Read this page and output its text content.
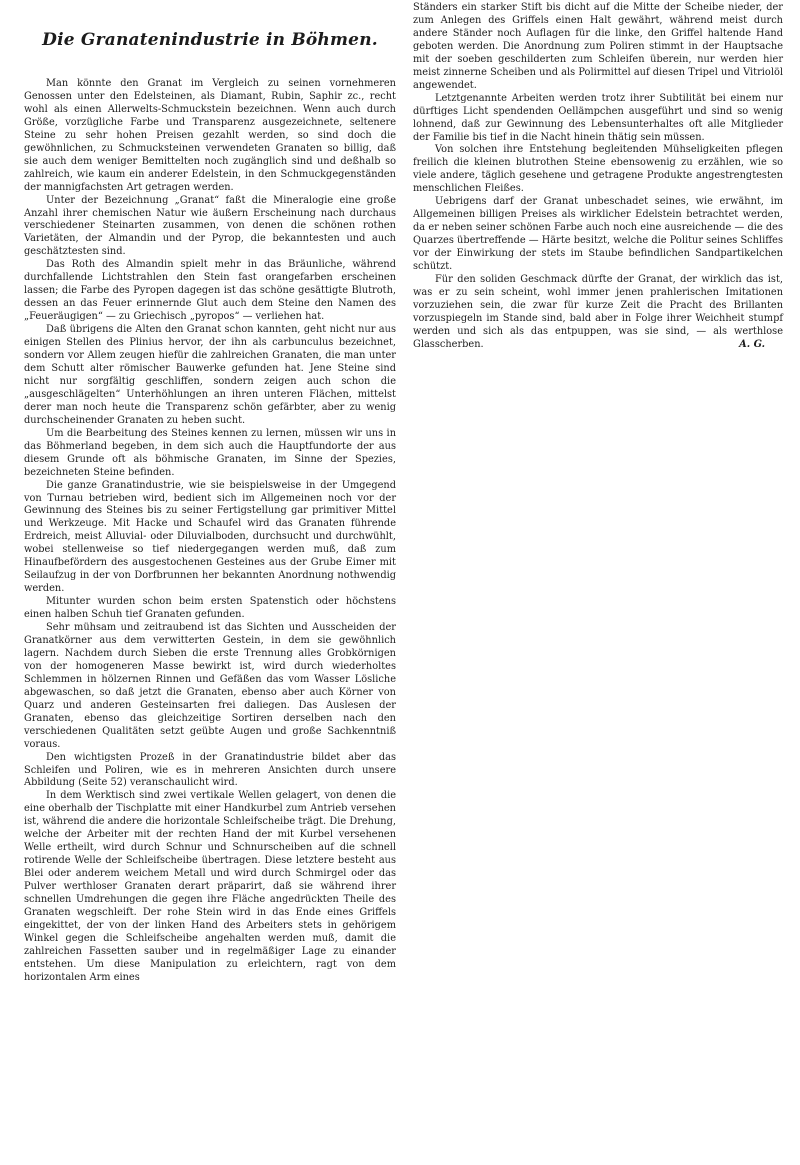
Die Granatenindustrie in Böhmen.

Man könnte den Granat im Vergleich zu seinen vornehmeren Genossen unter den Edelsteinen, als Diamant, Rubin, Saphir zc., recht wohl als einen Allerwelts-Schmuckstein bezeichnen. Wenn auch durch Größe, vorzügliche Farbe und Transparenz ausgezeichnete, seltenere Steine zu sehr hohen Preisen gezahlt werden, so sind doch die gewöhnlichen, zu Schmucksteinen verwendeten Granaten so billig, daß sie auch dem weniger Bemittelten noch zugänglich sind und deßhalb so zahlreich, wie kaum ein anderer Edelstein, in den Schmuckgegenständen der mannigfachsten Art getragen werden.

Unter der Bezeichnung „Granat“ faßt die Mineralogie eine große Anzahl ihrer chemischen Natur wie äußern Erscheinung nach durchaus verschiedener Steinarten zusammen, von denen die schönen rothen Varietäten, der Almandin und der Pyrop, die bekanntesten und auch geschätztesten sind.

Das Roth des Almandin spielt mehr in das Bräunliche, während durchfallende Lichtstrahlen den Stein fast orangefarben erscheinen lassen; die Farbe des Pyropen dagegen ist das schöne gesättigte Blutroth, dessen an das Feuer erinnernde Glut auch dem Steine den Namen des „Feueräugigen“ — zu Griechisch „pyropos“ — verliehen hat.

Daß übrigens die Alten den Granat schon kannten, geht nicht nur aus einigen Stellen des Plinius hervor, der ihn als carbunculus bezeichnet, sondern vor Allem zeugen hiefür die zahlreichen Granaten, die man unter dem Schutt alter römischer Bauwerke gefunden hat. Jene Steine sind nicht nur sorgfältig geschliffen, sondern zeigen auch schon die „ausgeschlägelten“ Unterhöhlungen an ihren unteren Flächen, mittelst derer man noch heute die Transparenz schön gefärbter, aber zu wenig durchscheinender Granaten zu heben sucht.

Um die Bearbeitung des Steines kennen zu lernen, müssen wir uns in das Böhmerland begeben, in dem sich auch die Hauptfundorte der aus diesem Grunde oft als böhmische Granaten, im Sinne der Spezies, bezeichneten Steine befinden.

Die ganze Granatindustrie, wie sie beispielsweise in der Umgegend von Turnau betrieben wird, bedient sich im Allgemeinen noch vor der Gewinnung des Steines bis zu seiner Fertigstellung gar primitiver Mittel und Werkzeuge. Mit Hacke und Schaufel wird das Granaten führende Erdreich, meist Alluvial- oder Diluvialboden, durchsucht und durchwühlt, wobei stellenweise so tief niedergegangen werden muß, daß zum Hinaufbefördern des ausgestochenen Gesteines aus der Grube Eimer mit Seilaufzug in der von Dorfbrunnen her bekannten Anordnung nothwendig werden.

Mitunter wurden schon beim ersten Spatenstich oder höchstens einen halben Schuh tief Granaten gefunden.

Sehr mühsam und zeitraubend ist das Sichten und Ausscheiden der Granatkörner aus dem verwitterten Gestein, in dem sie gewöhnlich lagern. Nachdem durch Sieben die erste Trennung alles Grobkörnigen von der homogeneren Masse bewirkt ist, wird durch wiederholtes Schlemmen in hölzernen Rinnen und Gefäßen das vom Wasser Lösliche abgewaschen, so daß jetzt die Granaten, ebenso aber auch Körner von Quarz und anderen Gesteinsarten frei daliegen. Das Auslesen der Granaten, ebenso das gleichzeitige Sortiren derselben nach den verschiedenen Qualitäten setzt geübte Augen und große Sachkenntniß voraus.

Den wichtigsten Prozeß in der Granatindustrie bildet aber das Schleifen und Poliren, wie es in mehreren Ansichten durch unsere Abbildung (Seite 52) veranschaulicht wird.

In dem Werktisch sind zwei vertikale Wellen gelagert, von denen die eine oberhalb der Tischplatte mit einer Handkurbel zum Antrieb versehen ist, während die andere die horizontale Schleifscheibe trägt. Die Drehung, welche der Arbeiter mit der rechten Hand der mit Kurbel versehenen Welle ertheilt, wird durch Schnur und Schnurscheiben auf die schnell rotirende Welle der Schleifscheibe übertragen. Diese letztere besteht aus Blei oder anderem weichem Metall und wird durch Schmirgel oder das Pulver werthloser Granaten derart präparirt, daß sie während ihrer schnellen Umdrehungen die gegen ihre Fläche angedrückten Theile des Granaten wegschleift. Der rohe Stein wird in das Ende eines Griffels eingekittet, der von der linken Hand des Arbeiters stets in gehörigem Winkel gegen die Schleifscheibe angehalten werden muß, damit die zahlreichen Fassetten sauber und in regelmäßiger Lage zu einander entstehen. Um diese Manipulation zu erleichtern, ragt von dem horizontalen Arm eines

Ständers ein starker Stift bis dicht auf die Mitte der Scheibe nieder, der zum Anlegen des Griffels einen Halt gewährt, während meist durch andere Ständer noch Auflagen für die linke, den Griffel haltende Hand geboten werden. Die Anordnung zum Poliren stimmt in der Hauptsache mit der soeben geschilderten zum Schleifen überein, nur werden hier meist zinnerne Scheiben und als Polirmittel auf diesen Tripel und Vitriolöl angewendet.

Letztgenannte Arbeiten werden trotz ihrer Subtilität bei einem nur dürftiges Licht spendenden Oellämpchen ausgeführt und sind so wenig lohnend, daß zur Gewinnung des Lebensunterhaltes oft alle Mitglieder der Familie bis tief in die Nacht hinein thätig sein müssen.

Von solchen ihre Entstehung begleitenden Mühseligkeiten pflegen freilich die kleinen blutrothen Steine ebensowenig zu erzählen, wie so viele andere, täglich gesehene und getragene Produkte angestrengtesten menschlichen Fleißes.

Uebrigens darf der Granat unbeschadet seines, wie erwähnt, im Allgemeinen billigen Preises als wirklicher Edelstein betrachtet werden, da er neben seiner schönen Farbe auch noch eine ausreichende — die des Quarzes übertreffende — Härte besitzt, welche die Politur seines Schliffes vor der Einwirkung der stets im Staube befindlichen Sandpartikelchen schützt.

Für den soliden Geschmack dürfte der Granat, der wirklich das ist, was er zu sein scheint, wohl immer jenen prahlerischen Imitationen vorzuziehen sein, die zwar für kurze Zeit die Pracht des Brillanten vorzuspiegeln im Stande sind, bald aber in Folge ihrer Weichheit stumpf werden und sich als das entpuppen, was sie sind, — als werthlose Glasscherben.	A. G.
